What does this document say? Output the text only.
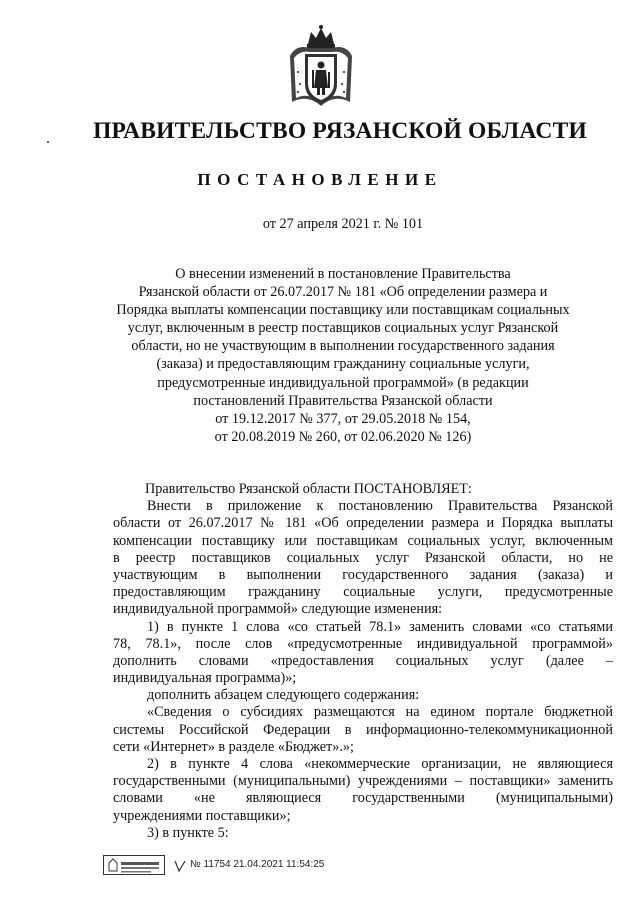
ПРАВИТЕЛЬСТВО РЯЗАНСКОЙ ОБЛАСТИ
ПОСТАНОВЛЕНИЕ
от 27 апреля 2021 г. № 101
О внесении изменений в постановление Правительства
Рязанской области от 26.07.2017 № 181 «Об определении размера и
Порядка выплаты компенсации поставщику или поставщикам социальных
услуг, включенным в реестр поставщиков социальных услуг Рязанской
области, но не участвующим в выполнении государственного задания
(заказа) и предоставляющим гражданину социальные услуги,
предусмотренные индивидуальной программой» (в редакции
постановлений Правительства Рязанской области
от 19.12.2017 № 377, от 29.05.2018 № 154,
от 20.08.2019 № 260, от 02.06.2020 № 126)
Правительство Рязанской области ПОСТАНОВЛЯЕТ:
Внести в приложение к постановлению Правительства Рязанской
области от 26.07.2017 № 181 «Об определении размера и Порядка выплаты
компенсации поставщику или поставщикам социальных услуг, включенным
в реестр поставщиков социальных услуг Рязанской области, но не
участвующим в выполнении государственного задания (заказа) и
предоставляющим гражданину социальные услуги, предусмотренные
индивидуальной программой» следующие изменения:
1) в пункте 1 слова «со статьей 78.1» заменить словами «со статьями
78, 78.1», после слов «предусмотренные индивидуальной программой»
дополнить словами «предоставления социальных услуг (далее –
индивидуальная программа)»;
дополнить абзацем следующего содержания:
«Сведения о субсидиях размещаются на едином портале бюджетной
системы Российской Федерации в информационно-телекоммуникационной
сети «Интернет» в разделе «Бюджет».»;
2) в пункте 4 слова «некоммерческие организации, не являющиеся
государственными (муниципальными) учреждениями – поставщики» заменить
словами «не являющиеся государственными (муниципальными)
учреждениями поставщики»;
3) в пункте 5:
№ 11754 21.04.2021 11:54:25
